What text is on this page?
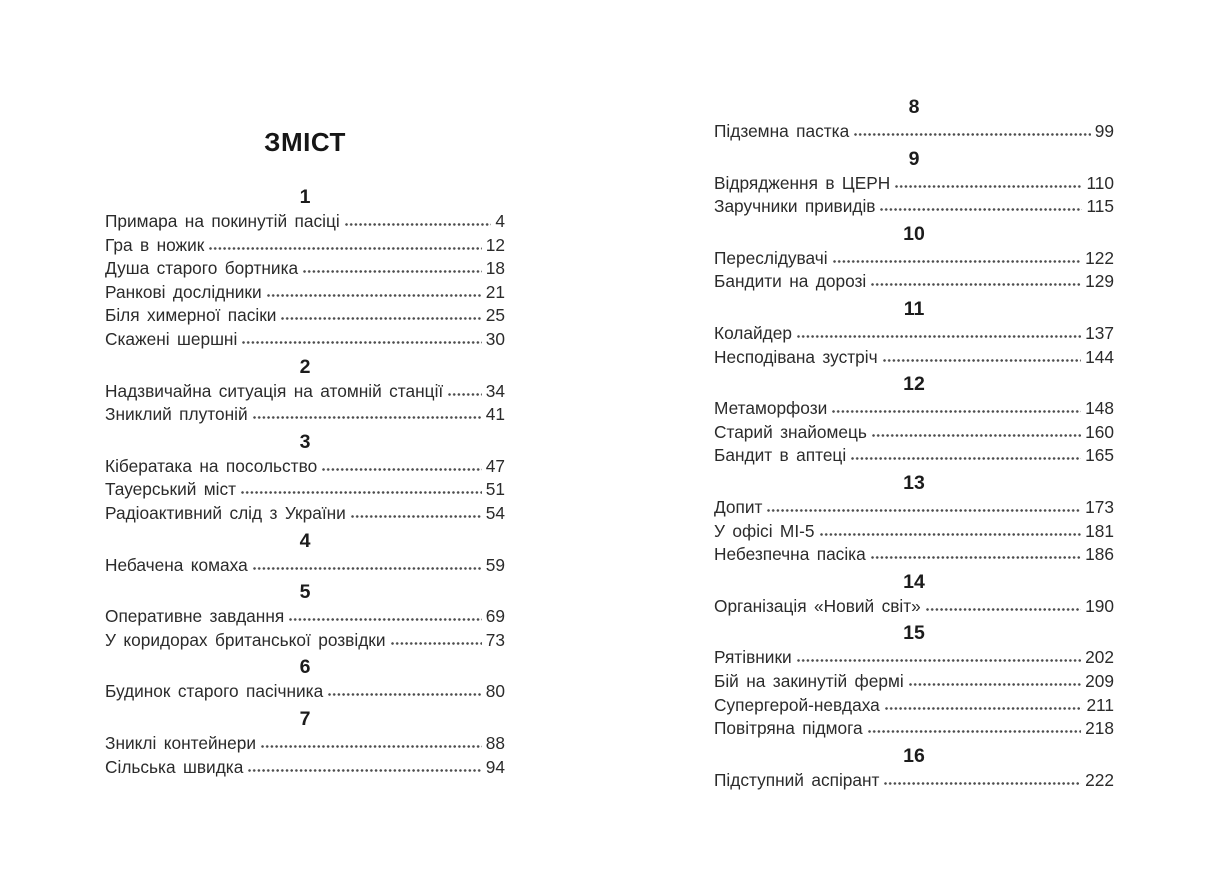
ЗМІСТ
1
Примара на покинутій пасіці	4
Гра в ножик	12
Душа старого бортника	18
Ранкові дослідники	21
Біля химерної пасіки	25
Скажені шершні	30
2
Надзвичайна ситуація на атомній станції 34
Зниклий плутоній	41
3
Кібератака на посольство	47
Тауерський міст	51
Радіоактивний слід з України	54
4
Небачена комаха	59
5
Оперативне завдання	69
У коридорах британської розвідки	73
6
Будинок старого пасічника	80
7
Зниклі контейнери	88
Сільська швидка	94
8
Підземна пастка	99
9
Відрядження в ЦЕРН	110
Заручники привидів	115
10
Переслідувачі	122
Бандити на дорозі	129
11
Колайдер	137
Несподівана зустріч	144
12
Метаморфози	148
Старий знайомець	160
Бандит в аптеці	165
13
Допит	173
У офісі МІ-5	181
Небезпечна пасіка	186
14
Організація «Новий світ»	190
15
Рятівники	202
Бій на закинутій фермі	209
Супергерой-невдаха	211
Повітряна підмога	218
16
Підступний аспірант	222
